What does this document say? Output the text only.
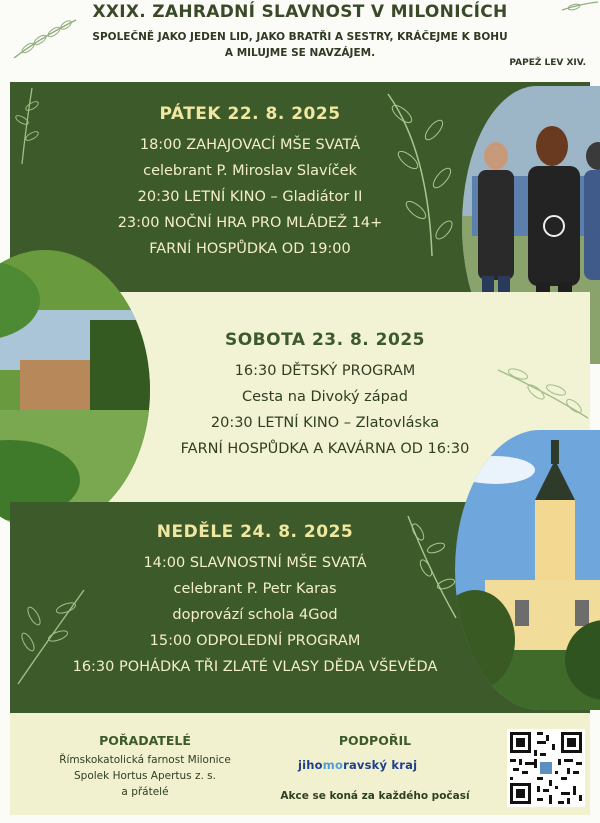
XXIX. ZAHRADNÍ SLAVNOST V MILONICÍCH
SPOLEČNĚ JAKO JEDEN LID, JAKO BRATŘI A SESTRY, KRÁČEJME K BOHU
A MILUJME SE NAVZÁJEM.
PAPEŽ LEV XIV.
PÁTEK 22. 8. 2025
18:00 ZAHAJOVACÍ MŠE SVATÁ
celebrant P. Miroslav Slavíček
20:30 LETNÍ KINO – Gladiátor II
23:00 NOČNÍ HRA PRO MLÁDEŽ 14+
FARNÍ HOSPŮDKA OD 19:00
SOBOTA 23. 8. 2025
16:30 DĚTSKÝ PROGRAM
Cesta na Divoký západ
20:30 LETNÍ KINO – Zlatovláska
FARNÍ HOSPŮDKA A KAVÁRNA OD 16:30
NEDĚLE 24. 8. 2025
14:00 SLAVNOSTNÍ MŠE SVATÁ
celebrant P. Petr Karas
doprovází schola 4God
15:00 ODPOLEDNÍ PROGRAM
16:30 POHÁDKA TŘI ZLATÉ VLASY DĚDA VŠEVĚDA
POŘADATELÉ
Římskokatolická farnost Milonice
Spolek Hortus Apertus z. s.
a přátelé
PODPOŘIL
jihomoravský kraj
Akce se koná za každého počasí
